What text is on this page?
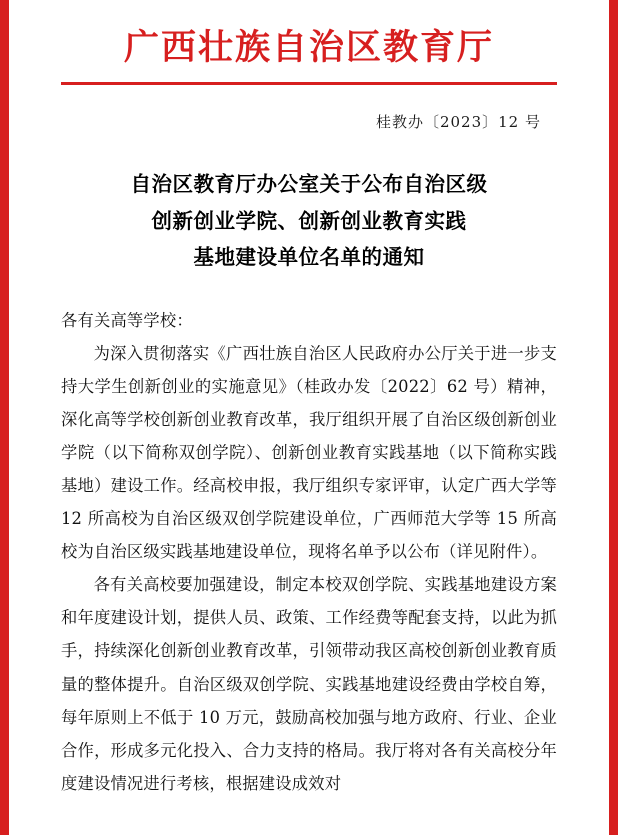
广西壮族自治区教育厅
桂教办〔2023〕12 号
自治区教育厅办公室关于公布自治区级
创新创业学院、创新创业教育实践
基地建设单位名单的通知

各有关高等学校：

为深入贯彻落实《广西壮族自治区人民政府办公厅关于进一步支持大学生创新创业的实施意见》（桂政办发〔2022〕62 号）精神，深化高等学校创新创业教育改革，我厅组织开展了自治区级创新创业学院（以下简称双创学院）、创新创业教育实践基地（以下简称实践基地）建设工作。经高校申报，我厅组织专家评审，认定广西大学等 12 所高校为自治区级双创学院建设单位，广西师范大学等 15 所高校为自治区级实践基地建设单位，现将名单予以公布（详见附件）。

各有关高校要加强建设，制定本校双创学院、实践基地建设方案和年度建设计划，提供人员、政策、工作经费等配套支持，以此为抓手，持续深化创新创业教育改革，引领带动我区高校创新创业教育质量的整体提升。自治区级双创学院、实践基地建设经费由学校自筹，每年原则上不低于 10 万元，鼓励高校加强与地方政府、行业、企业合作，形成多元化投入、合力支持的格局。我厅将对各有关高校分年度建设情况进行考核，根据建设成效对
